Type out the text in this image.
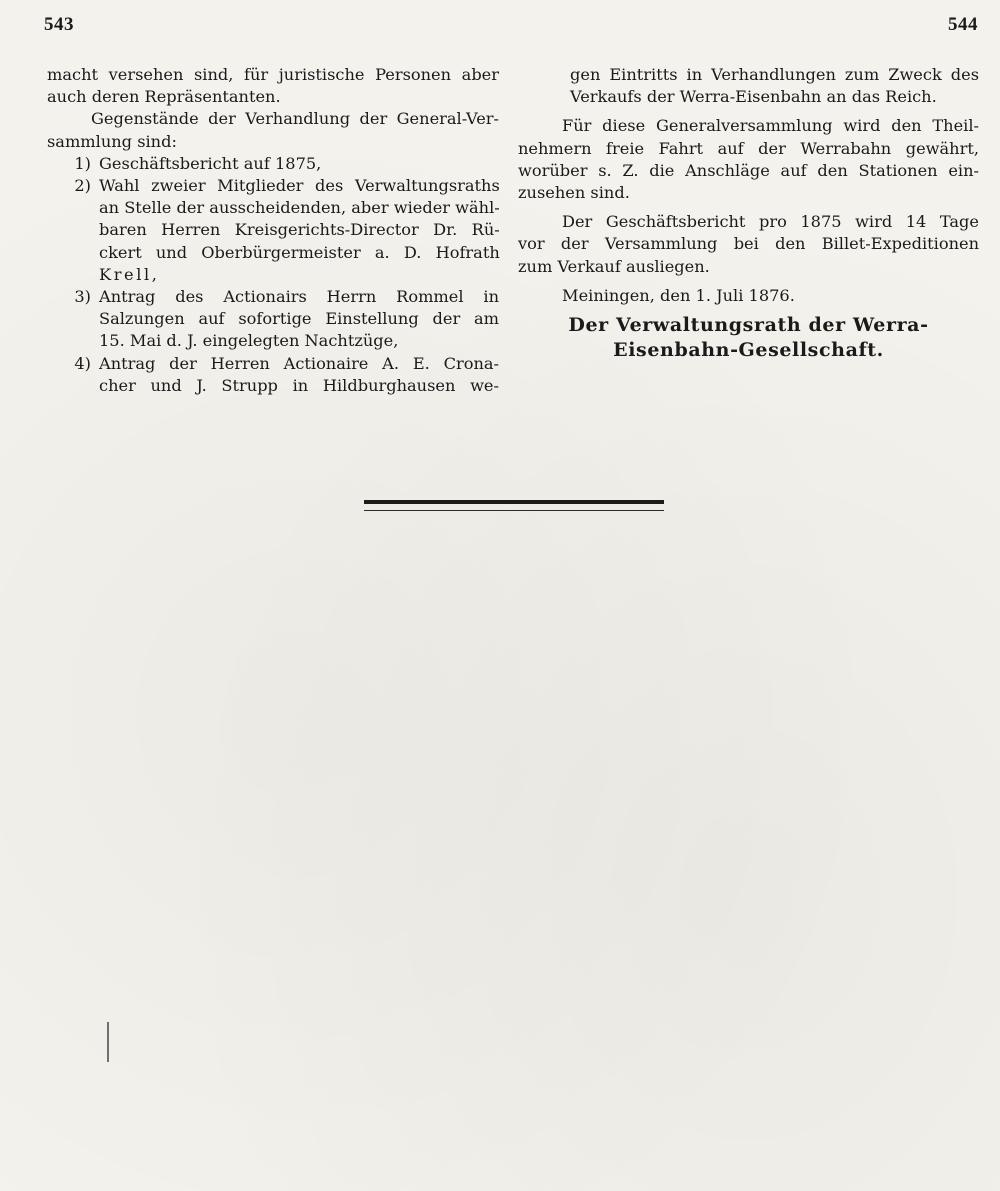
543	544
macht versehen sind, für juristische Personen aber
auch deren Repräsentanten.
Gegenstände der Verhandlung der General-Ver-
sammlung sind:
1) Geschäftsbericht auf 1875,
2) Wahl zweier Mitglieder des Verwaltungsraths
an Stelle der ausscheidenden, aber wieder wähl-
baren Herren Kreisgerichts-Director Dr. Rü-
ckert und Oberbürgermeister a. D. Hofrath
Krell,
3) Antrag des Actionairs Herrn Rommel in
Salzungen auf sofortige Einstellung der am
15. Mai d. J. eingelegten Nachtzüge,
4) Antrag der Herren Actionaire A. E. Crona-
cher und J. Strupp in Hildburghausen we-
gen Eintritts in Verhandlungen zum Zweck des
Verkaufs der Werra-Eisenbahn an das Reich.
Für diese Generalversammlung wird den Theil-
nehmern freie Fahrt auf der Werrabahn gewährt,
worüber s. Z. die Anschläge auf den Stationen ein-
zusehen sind.
Der Geschäftsbericht pro 1875 wird 14 Tage
vor der Versammlung bei den Billet-Expeditionen
zum Verkauf ausliegen.
Meiningen, den 1. Juli 1876.
Der Verwaltungsrath der Werra-
Eisenbahn-Gesellschaft.
